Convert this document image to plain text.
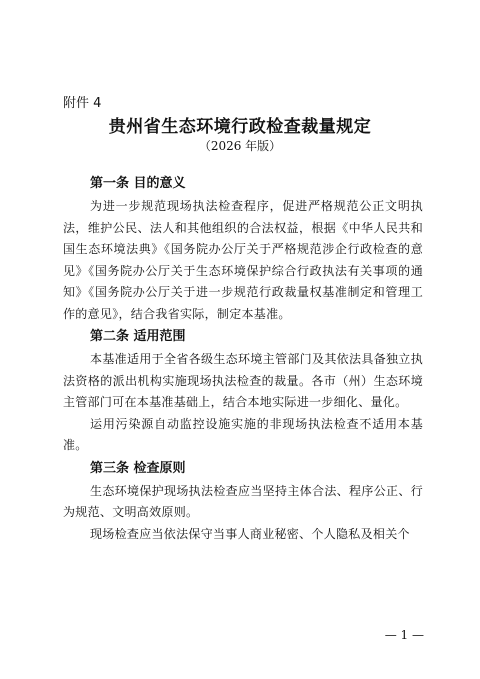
附件 4
贵州省生态环境行政检查裁量规定
（2026 年版）

第一条 目的意义

为进一步规范现场执法检查程序，促进严格规范公正文明执法，维护公民、法人和其他组织的合法权益，根据《中华人民共和国生态环境法典》《国务院办公厅关于严格规范涉企行政检查的意见》《国务院办公厅关于生态环境保护综合行政执法有关事项的通知》《国务院办公厅关于进一步规范行政裁量权基准制定和管理工作的意见》，结合我省实际，制定本基准。

第二条 适用范围

本基准适用于全省各级生态环境主管部门及其依法具备独立执法资格的派出机构实施现场执法检查的裁量。各市（州）生态环境主管部门可在本基准基础上，结合本地实际进一步细化、量化。

运用污染源自动监控设施实施的非现场执法检查不适用本基准。

第三条 检查原则

生态环境保护现场执法检查应当坚持主体合法、程序公正、行为规范、文明高效原则。

现场检查应当依法保守当事人商业秘密、个人隐私及相关个

— 1 —
